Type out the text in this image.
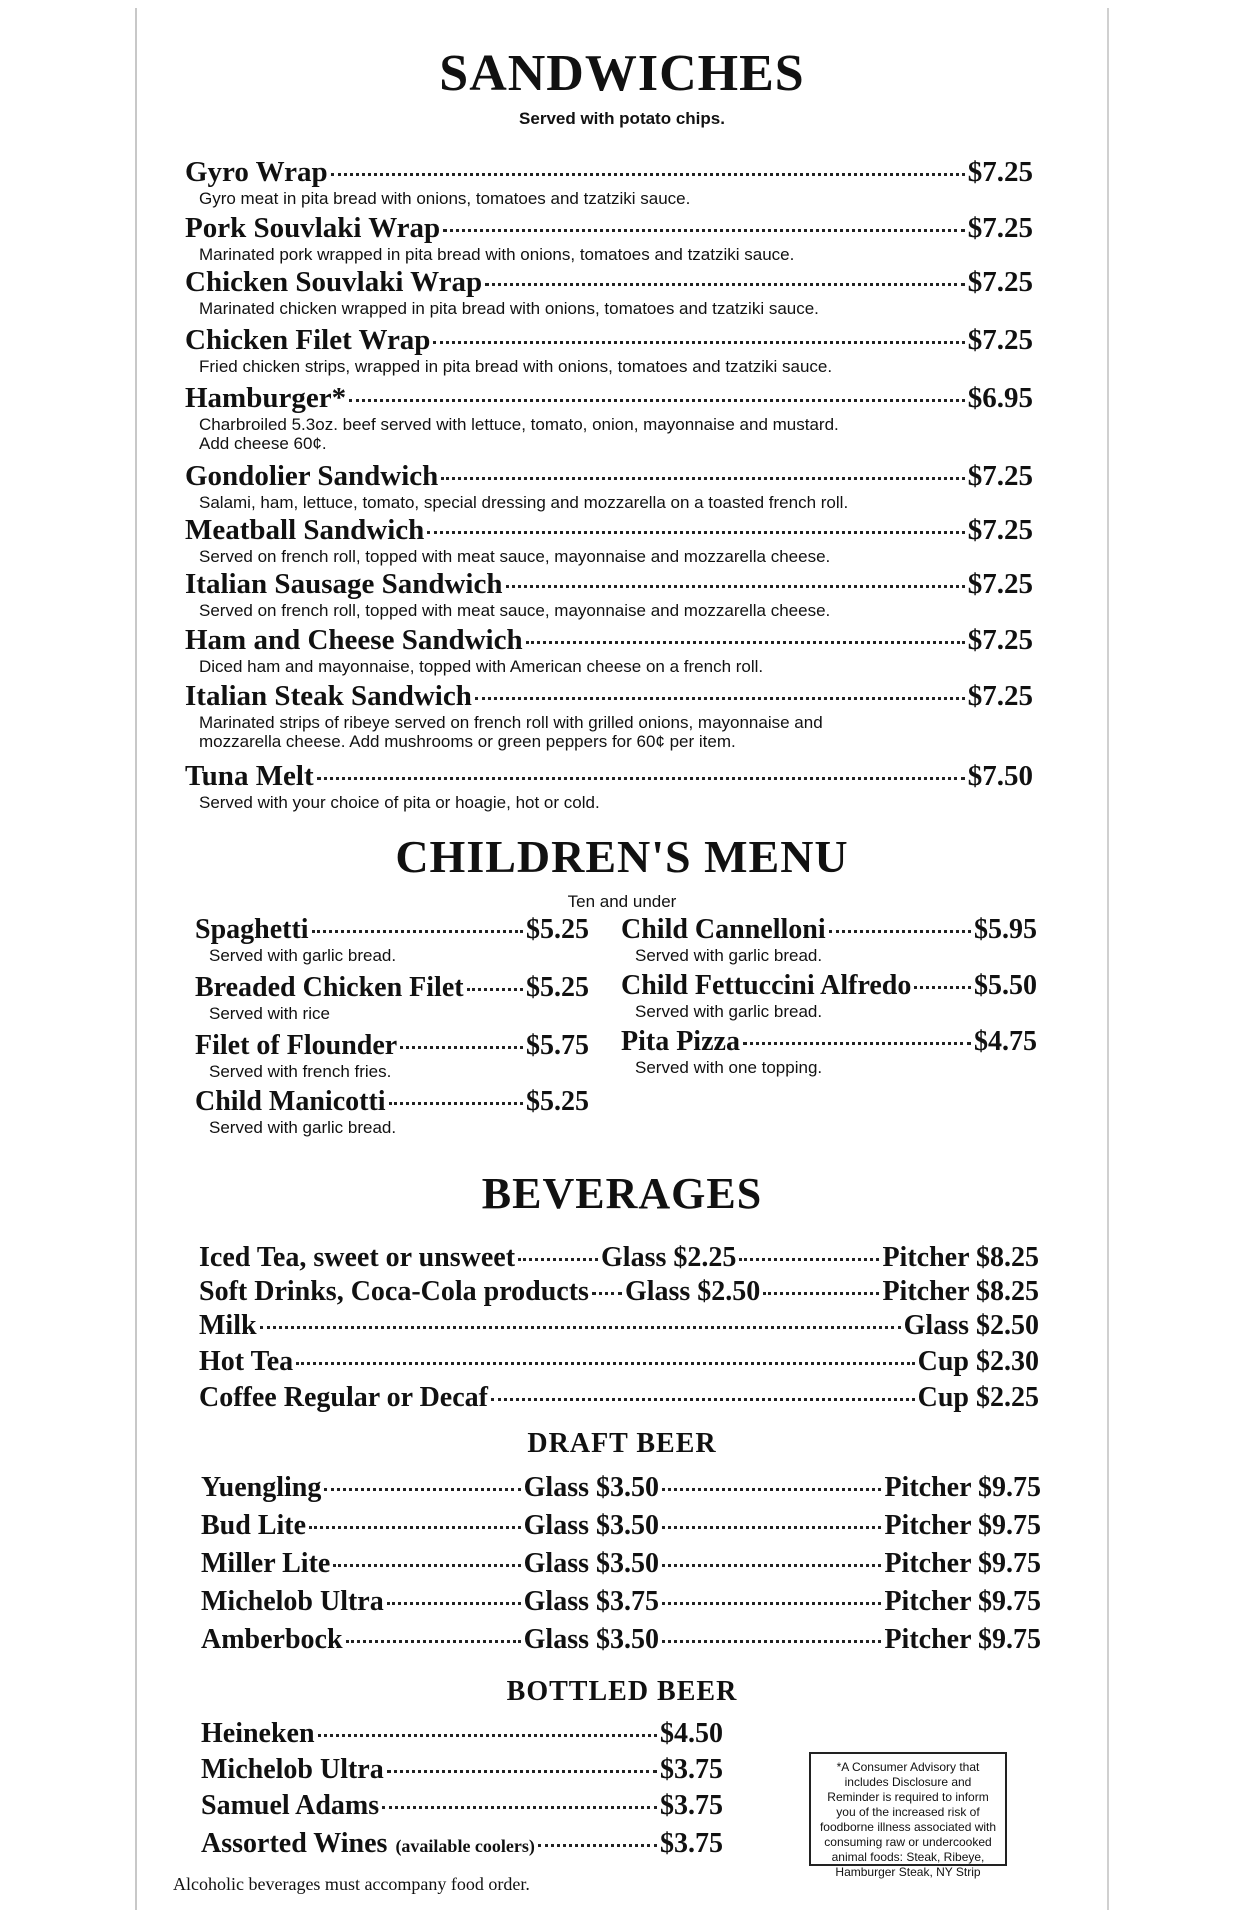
SANDWICHES
Served with potato chips.
Gyro Wrap	$7.25
Gyro meat in pita bread with onions, tomatoes and tzatziki sauce.
Pork Souvlaki Wrap	$7.25
Marinated pork wrapped in pita bread with onions, tomatoes and tzatziki sauce.
Chicken Souvlaki Wrap	$7.25
Marinated chicken wrapped in pita bread with onions, tomatoes and tzatziki sauce.
Chicken Filet Wrap	$7.25
Fried chicken strips, wrapped in pita bread with onions, tomatoes and tzatziki sauce.
Hamburger*	$6.95
Charbroiled 5.3oz. beef served with lettuce, tomato, onion, mayonnaise and mustard.
Add cheese 60¢.
Gondolier Sandwich	$7.25
Salami, ham, lettuce, tomato, special dressing and mozzarella on a toasted french roll.
Meatball Sandwich	$7.25
Served on french roll, topped with meat sauce, mayonnaise and mozzarella cheese.
Italian Sausage Sandwich	$7.25
Served on french roll, topped with meat sauce, mayonnaise and mozzarella cheese.
Ham and Cheese Sandwich	$7.25
Diced ham and mayonnaise, topped with American cheese on a french roll.
Italian Steak Sandwich	$7.25
Marinated strips of ribeye served on french roll with grilled onions, mayonnaise and
mozzarella cheese. Add mushrooms or green peppers for 60¢ per item.
Tuna Melt	$7.50
Served with your choice of pita or hoagie, hot or cold.
CHILDREN'S MENU
Ten and under
Spaghetti	$5.25
Served with garlic bread.
Breaded Chicken Filet $5.25
Served with rice
Filet of Flounder	$5.75
Served with french fries.
Child Manicotti	$5.25
Served with garlic bread.
Child Cannelloni	$5.95
Served with garlic bread.
Child Fettuccini Alfredo $5.50
Served with garlic bread.
Pita Pizza	$4.75
Served with one topping.
BEVERAGES
Iced Tea, sweet or unsweet	Glass $2.25	Pitcher $8.25
Soft Drinks, Coca-Cola products Glass $2.50	Pitcher $8.25
Milk	Glass $2.50
Hot Tea	Cup $2.30
Coffee Regular or Decaf	Cup $2.25
DRAFT BEER
Yuengling	Glass $3.50	Pitcher $9.75
Bud Lite	Glass $3.50	Pitcher $9.75
Miller Lite	Glass $3.50	Pitcher $9.75
Michelob Ultra	Glass $3.75	Pitcher $9.75
Amberbock	Glass $3.50	Pitcher $9.75
BOTTLED BEER
Heineken	$4.50
Michelob Ultra	$3.75
Samuel Adams	$3.75
Assorted Wines (available coolers)	$3.75
*A Consumer Advisory that includes Disclosure and Reminder is required to inform you of the increased risk of foodborne illness associated with consuming raw or undercooked animal foods: Steak, Ribeye, Hamburger Steak, NY Strip
Alcoholic beverages must accompany food order.
